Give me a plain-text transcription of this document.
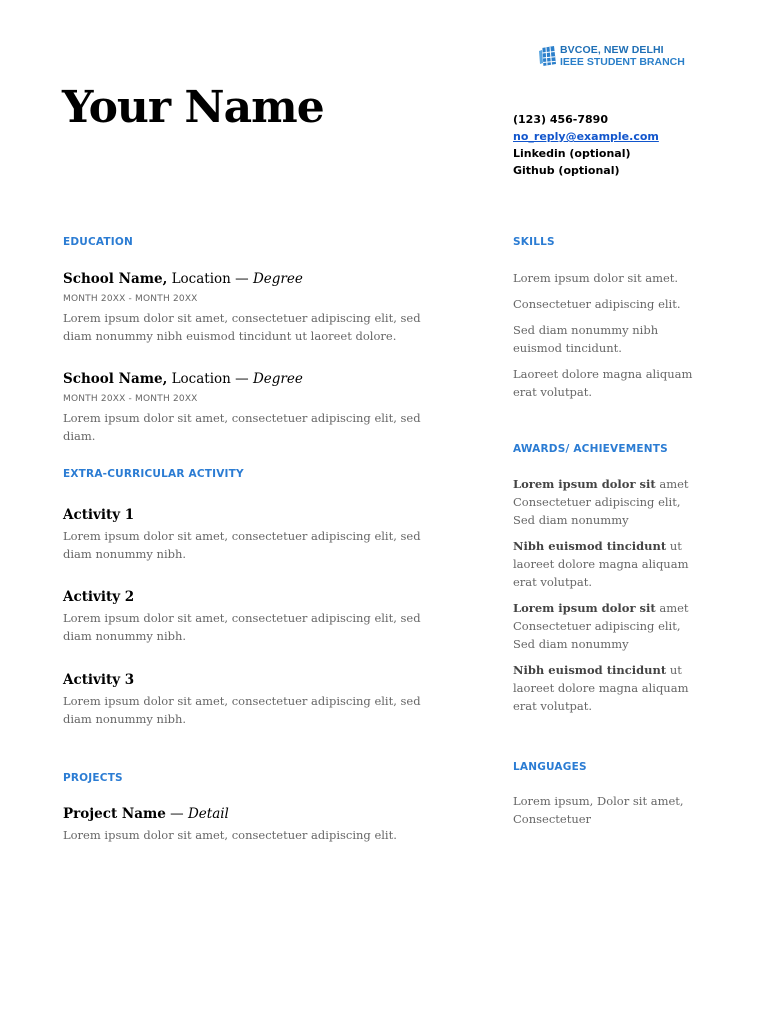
BVCOE, NEW DELHI
IEEE STUDENT BRANCH
Your Name	(123) 456-7890
no_reply@example.com
Linkedin (optional)
Github (optional)
EDUCATION
School Name, Location — Degree
MONTH 20XX - MONTH 20XX
Lorem ipsum dolor sit amet, consectetuer adipiscing elit, sed diam nonummy nibh euismod tincidunt ut laoreet dolore.
School Name, Location — Degree
MONTH 20XX - MONTH 20XX
Lorem ipsum dolor sit amet, consectetuer adipiscing elit, sed diam.
EXTRA-CURRICULAR ACTIVITY
Activity 1
Lorem ipsum dolor sit amet, consectetuer adipiscing elit, sed diam nonummy nibh.
Activity 2
Lorem ipsum dolor sit amet, consectetuer adipiscing elit, sed diam nonummy nibh.
Activity 3
Lorem ipsum dolor sit amet, consectetuer adipiscing elit, sed diam nonummy nibh.
PROJECTS
Project Name — Detail
Lorem ipsum dolor sit amet, consectetuer adipiscing elit.
SKILLS
Lorem ipsum dolor sit amet.
Consectetuer adipiscing elit.
Sed diam nonummy nibh euismod tincidunt.
Laoreet dolore magna aliquam erat volutpat.
AWARDS/ ACHIEVEMENTS
Lorem ipsum dolor sit amet Consectetuer adipiscing elit, Sed diam nonummy
Nibh euismod tincidunt ut laoreet dolore magna aliquam erat volutpat.
Lorem ipsum dolor sit amet Consectetuer adipiscing elit, Sed diam nonummy
Nibh euismod tincidunt ut laoreet dolore magna aliquam erat volutpat.
LANGUAGES
Lorem ipsum, Dolor sit amet, Consectetuer
